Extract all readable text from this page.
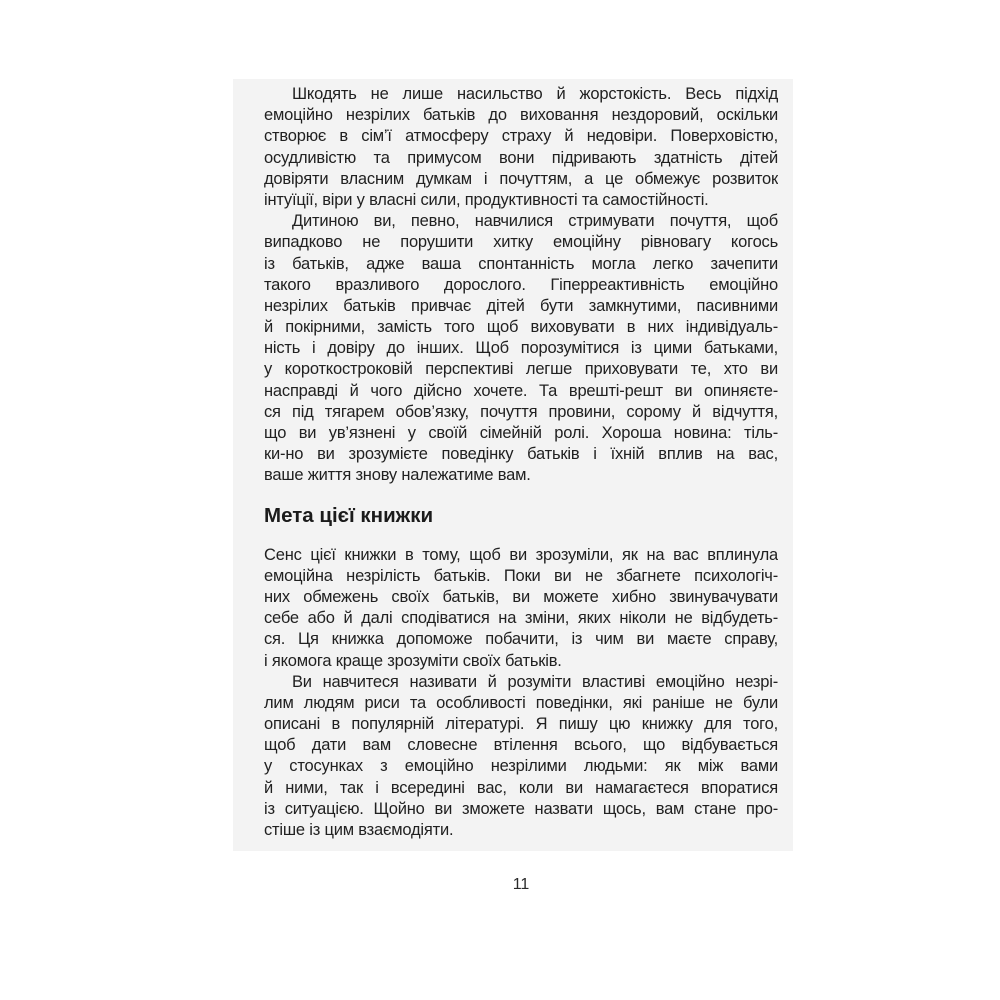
Шкодять не лише насильство й жорстокість. Весь підхід
емоційно незрілих батьків до виховання нездоровий, оскільки
створює в сім’ї атмосферу страху й недовіри. Поверховістю,
осудливістю та примусом вони підривають здатність дітей
довіряти власним думкам і почуттям, а це обмежує розвиток
інтуїції, віри у власні сили, продуктивності та самостійності.
Дитиною ви, певно, навчилися стримувати почуття, щоб
випадково не порушити хитку емоційну рівновагу когось
із батьків, адже ваша спонтанність могла легко зачепити
такого вразливого дорослого. Гіперреактивність емоційно
незрілих батьків привчає дітей бути замкнутими, пасивними
й покірними, замість того щоб виховувати в них індивідуаль-
ність і довіру до інших. Щоб порозумітися із цими батьками,
у короткостроковій перспективі легше приховувати те, хто ви
насправді й чого дійсно хочете. Та врешті-решт ви опиняєте-
ся під тягарем обов’язку, почуття провини, сорому й відчуття,
що ви ув’язнені у своїй сімейній ролі. Хороша новина: тіль-
ки-но ви зрозумієте поведінку батьків і їхній вплив на вас,
ваше життя знову належатиме вам.
Мета цієї книжки
Сенс цієї книжки в тому, щоб ви зрозуміли, як на вас вплинула
емоційна незрілість батьків. Поки ви не збагнете психологіч-
них обмежень своїх батьків, ви можете хибно звинувачувати
себе або й далі сподіватися на зміни, яких ніколи не відбудеть-
ся. Ця книжка допоможе побачити, із чим ви маєте справу,
і якомога краще зрозуміти своїх батьків.
Ви навчитеся називати й розуміти властиві емоційно незрі-
лим людям риси та особливості поведінки, які раніше не були
описані в популярній літературі. Я пишу цю книжку для того,
щоб дати вам словесне втілення всього, що відбувається
у стосунках з емоційно незрілими людьми: як між вами
й ними, так і всередині вас, коли ви намагаєтеся впоратися
із ситуацією. Щойно ви зможете назвати щось, вам стане про-
стіше із цим взаємодіяти.
11
